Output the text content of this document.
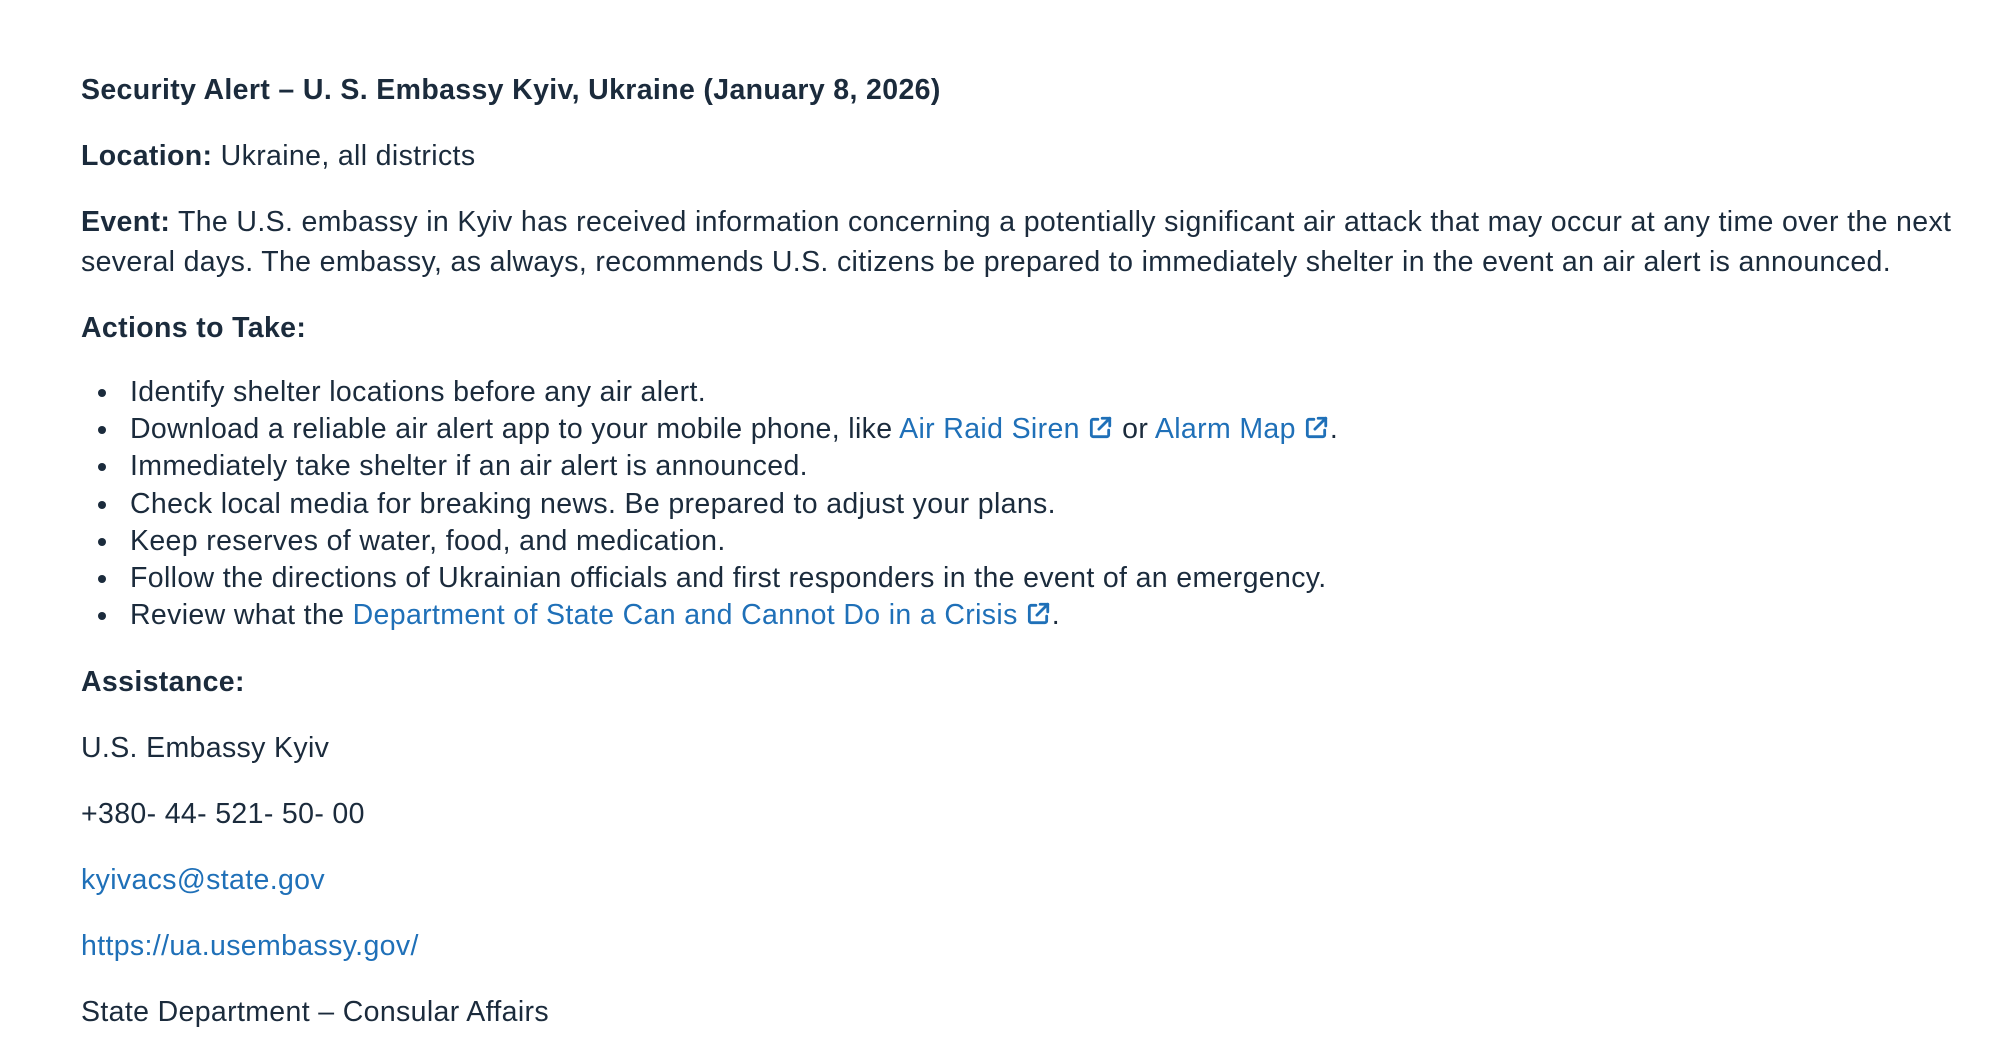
Security Alert – U. S. Embassy Kyiv, Ukraine (January 8, 2026)

Location: Ukraine, all districts

Event: The U.S. embassy in Kyiv has received information concerning a potentially significant air attack that may occur at any time over the next several days. The embassy, as always, recommends U.S. citizens be prepared to immediately shelter in the event an air alert is announced.

Actions to Take:

Identify shelter locations before any air alert.
Download a reliable air alert app to your mobile phone, like Air Raid Siren or Alarm Map .
Immediately take shelter if an air alert is announced.
Check local media for breaking news. Be prepared to adjust your plans.
Keep reserves of water, food, and medication.
Follow the directions of Ukrainian officials and first responders in the event of an emergency.
Review what the Department of State Can and Cannot Do in a Crisis .

Assistance:

U.S. Embassy Kyiv

+380- 44- 521- 50- 00

kyivacs@state.gov

https://ua.usembassy.gov/

State Department – Consular Affairs
